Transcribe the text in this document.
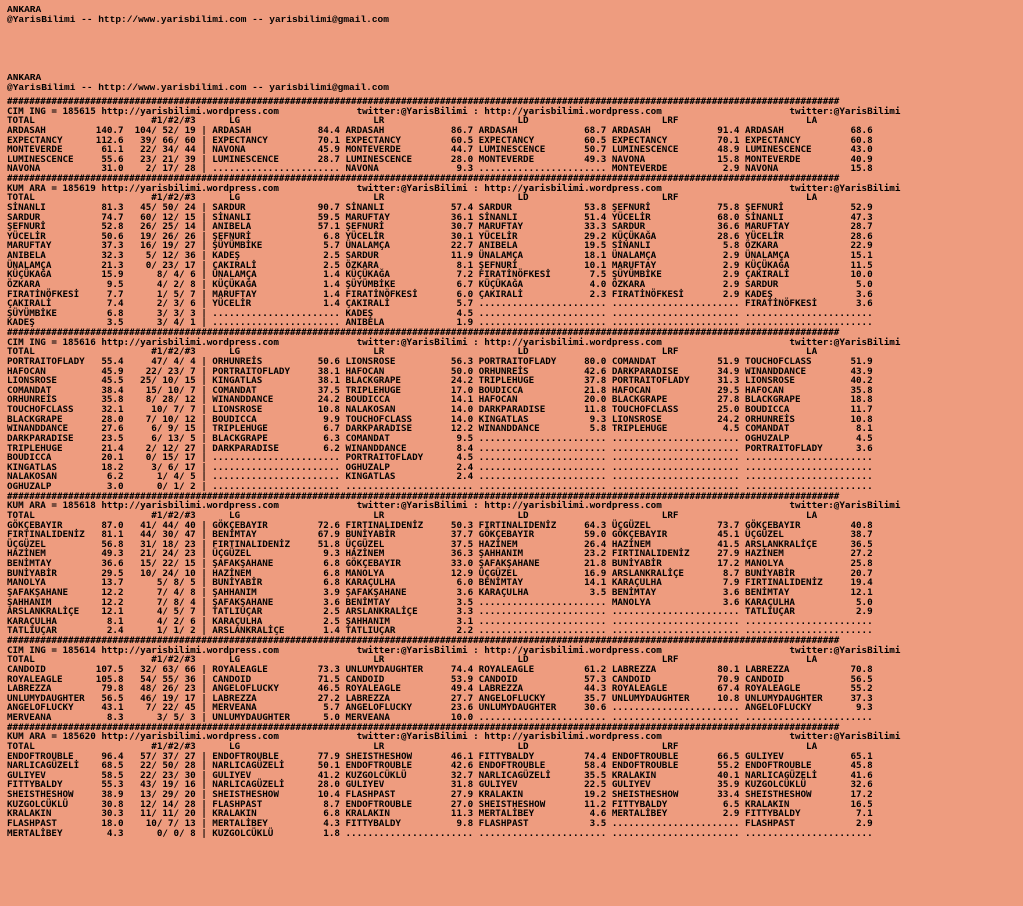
ANKARA
@YarisBilimi -- http://www.yarisbilimi.com -- yarisbilimi@gmail.com
ANKARA
@YarisBilimi -- http://www.yarisbilimi.com -- yarisbilimi@gmail.com
######################################################################################################################################################
CIM ING = 185615 http://yarisbilimi.wordpress.com              twitter:@YarisBilimi : http://yarisbilimi.wordpress.com                       twitter:@YarisBilimi
TOTAL                     #1/#2/#3      LG                        LR                        LD                        LRF                       LA
ARDASAH         140.7  104/ 52/ 19 | ARDASAH            84.4 ARDASAH            86.7 ARDASAH            68.7 ARDASAH            91.4 ARDASAH            68.6
EXPECTANCY      112.6   39/ 66/ 60 | EXPECTANCY         70.1 EXPECTANCY         60.5 EXPECTANCY         60.5 EXPECTANCY         70.1 EXPECTANCY         60.8
MONTEVERDE       61.1   22/ 34/ 44 | NAVONA             45.9 MONTEVERDE         44.7 LUMINESCENCE       50.7 LUMINESCENCE       48.9 LUMINESCENCE       43.0
LUMINESCENCE     55.6   23/ 21/ 39 | LUMINESCENCE       28.7 LUMINESCENCE       28.0 MONTEVERDE         49.3 NAVONA             15.8 MONTEVERDE         40.9
NAVONA           31.0    2/ 17/ 28 | ....................... NAVONA              9.3 ....................... MONTEVERDE          2.9 NAVONA             15.8
######################################################################################################################################################
KUM ARA = 185619 http://yarisbilimi.wordpress.com              twitter:@YarisBilimi : http://yarisbilimi.wordpress.com                       twitter:@YarisBilimi
TOTAL                     #1/#2/#3      LG                        LR                        LD                        LRF                       LA
SİNANLI          81.3   45/ 50/ 24 | SARDUR             90.7 SİNANLI            57.4 SARDUR             53.8 ŞEFNURİ            75.8 ŞEFNURİ            52.9
SARDUR           74.7   60/ 12/ 15 | SİNANLI            59.5 MARUFTAY           36.1 SİNANLI            51.4 YÜCELİR            68.0 SİNANLI            47.3
ŞEFNURİ          52.8   26/ 25/ 14 | ANIBELA            57.1 ŞEFNURİ            30.7 MARUFTAY           33.3 SARDUR             36.6 MARUFTAY           28.7
YÜCELİR          50.6   19/ 26/ 26 | ŞEFNURİ             6.8 YÜCELİR            30.1 YÜCELİR            29.2 KÜÇÜKAĞA           28.6 YÜCELİR            28.6
MARUFTAY         37.3   16/ 19/ 27 | ŞÜYÜMBİKE           5.7 ÜNALAMÇA           22.7 ANIBELA            19.5 SİNANLI             5.8 ÖZKARA             22.9
ANIBELA          32.3    5/ 12/ 36 | KADEŞ               2.5 SARDUR             11.9 ÜNALAMÇA           18.1 ÜNALAMÇA            2.9 ÜNALAMÇA           15.1
ÜNALAMÇA         21.3    0/ 23/ 17 | ÇAKIRALİ            2.5 ÖZKARA              8.1 ŞEFNURİ            10.1 MARUFTAY            2.9 KÜÇÜKAĞA           11.5
KÜÇÜKAĞA         15.9      8/ 4/ 6 | ÜNALAMÇA            1.4 KÜÇÜKAĞA            7.2 FIRATİNÖFKESİ       7.5 ŞÜYÜMBİKE           2.9 ÇAKIRALİ           10.0
ÖZKARA            9.5      4/ 2/ 8 | KÜÇÜKAĞA            1.4 ŞÜYÜMBİKE           6.7 KÜÇÜKAĞA            4.0 ÖZKARA              2.9 SARDUR              5.0
FIRATİNÖFKESİ     7.7      1/ 5/ 7 | MARUFTAY            1.4 FIRATİNÖFKESİ       6.0 ÇAKIRALİ            2.3 FIRATİNÖFKESİ       2.9 KADEŞ               3.6
ÇAKIRALİ          7.4      2/ 3/ 6 | YÜCELİR             1.4 ÇAKIRALİ            5.7 ....................... ....................... FIRATİNÖFKESİ       3.6
ŞÜYÜMBİKE         6.8      3/ 3/ 3 | ....................... KADEŞ               4.5 ....................... ....................... .......................
KADEŞ             3.5      3/ 4/ 1 | ....................... ANIBELA             1.9 ....................... ....................... .......................
######################################################################################################################################################
CIM ING = 185616 http://yarisbilimi.wordpress.com              twitter:@YarisBilimi : http://yarisbilimi.wordpress.com                       twitter:@YarisBilimi
TOTAL                     #1/#2/#3      LG                        LR                        LD                        LRF                       LA
PORTRAITOFLADY   55.4     47/ 4/ 4 | ORHUNREİS          50.6 LIONSROSE          56.3 PORTRAITOFLADY     80.0 COMANDAT           51.9 TOUCHOFCLASS       51.9
HAFOCAN          45.9    22/ 23/ 7 | PORTRAITOFLADY     38.1 HAFOCAN            50.0 ORHUNREİS          42.6 DARKPARADISE       34.9 WINANDDANCE        43.9
LIONSROSE        45.5   25/ 10/ 15 | KINGATLAS          38.1 BLACKGRAPE         24.2 TRIPLEHUGE         37.8 PORTRAITOFLADY     31.3 LIONSROSE          40.2
COMANDAT         38.4    15/ 10/ 7 | COMANDAT           37.5 TRIPLEHUGE         17.0 BOUDICCA           21.8 HAFOCAN            29.5 HAFOCAN            35.8
ORHUNREİS        35.8    8/ 28/ 12 | WINANDDANCE        24.2 BOUDICCA           14.1 HAFOCAN            20.0 BLACKGRAPE         27.8 BLACKGRAPE         18.8
TOUCHOFCLASS     32.1     10/ 7/ 7 | LIONSROSE          10.8 NALAKOSAN          14.0 DARKPARADISE       11.8 TOUCHOFCLASS       25.0 BOUDICCA           11.7
BLACKGRAPE       28.0    7/ 10/ 12 | BOUDICCA            9.9 TOUCHOFCLASS       14.0 KINGATLAS           9.3 LIONSROSE          24.2 ORHUNREİS          10.8
WINANDDANCE      27.6     6/ 9/ 15 | TRIPLEHUGE          6.7 DARKPARADISE       12.2 WINANDDANCE         5.8 TRIPLEHUGE          4.5 COMANDAT            8.1
DARKPARADISE     23.5     6/ 13/ 5 | BLACKGRAPE          6.3 COMANDAT            9.5 ....................... ....................... OGHUZALP            4.5
TRIPLEHUGE       21.4    2/ 12/ 27 | DARKPARADISE        6.2 WINANDDANCE         8.4 ....................... ....................... PORTRAITOFLADY      3.6
BOUDICCA         20.1    0/ 15/ 17 | ....................... PORTRAITOFLADY      4.5 ....................... ....................... .......................
KINGATLAS        18.2     3/ 6/ 17 | ....................... OGHUZALP            2.4 ....................... ....................... .......................
NALAKOSAN         6.2      1/ 4/ 5 | ....................... KINGATLAS           2.4 ....................... ....................... .......................
OGHUZALP          3.0      0/ 1/ 2 | ....................... ....................... ....................... ....................... .......................
######################################################################################################################################################
KUM ARA = 185618 http://yarisbilimi.wordpress.com              twitter:@YarisBilimi : http://yarisbilimi.wordpress.com                       twitter:@YarisBilimi
TOTAL                     #1/#2/#3      LG                        LR                        LD                        LRF                       LA
GÖKÇEBAYIR       87.0   41/ 44/ 40 | GÖKÇEBAYIR         72.6 FIRTINALIDENİZ     50.3 FIRTINALIDENİZ     64.3 ÜÇGÜZEL            73.7 GÖKÇEBAYIR         40.8
FIRTINALIDENİZ   81.1   44/ 30/ 47 | BENİMTAY           67.9 BUNİYABİR          37.7 GÖKÇEBAYIR         59.0 GÖKÇEBAYIR         45.1 ÜÇGÜZEL            38.7
ÜÇGÜZEL          56.8   31/ 18/ 23 | FIRTINALIDENİZ     51.8 ÜÇGÜZEL            37.5 HAZİNEM            26.4 HAZİNEM            41.5 ARSLANKRALİÇE      36.5
HAZİNEM          49.3   21/ 24/ 23 | ÜÇGÜZEL             9.3 HAZİNEM            36.3 ŞAHHANIM           23.2 FIRTINALIDENİZ     27.9 HAZİNEM            27.2
BENİMTAY         36.6   15/ 22/ 15 | ŞAFAKŞAHANE         6.8 GÖKÇEBAYIR         33.0 ŞAFAKŞAHANE        21.8 BUNİYABİR          17.2 MANOLYA            25.8
BUNİYABİR        29.5   10/ 24/ 10 | HAZİNEM             6.8 MANOLYA            12.9 ÜÇGÜZEL            16.9 ARSLANKRALİÇE       8.7 BUNİYABİR          20.7
MANOLYA          13.7      5/ 8/ 5 | BUNİYABİR           6.8 KARAÇULHA           6.0 BENİMTAY           14.1 KARAÇULHA           7.9 FIRTINALIDENİZ     19.4
ŞAFAKŞAHANE      12.2      7/ 4/ 8 | ŞAHHANIM            3.9 ŞAFAKŞAHANE         3.6 KARAÇULHA           3.5 BENİMTAY            3.6 BENİMTAY           12.1
ŞAHHANIM         12.2      7/ 8/ 4 | ŞAFAKŞAHANE         3.6 BENİMTAY            3.5 ....................... MANOLYA             3.6 KARAÇULHA           5.0
ARSLANKRALİÇE    12.1      4/ 5/ 7 | TATLIUÇAR           2.5 ARSLANKRALİÇE       3.3 ....................... ....................... TATLIUÇAR           2.9
KARAÇULHA         8.1      4/ 2/ 6 | KARAÇULHA           2.5 ŞAHHANIM            3.1 ....................... ....................... .......................
TATLIUÇAR         2.4      1/ 1/ 2 | ARSLANKRALİÇE       1.4 TATLIUÇAR           2.2 ....................... ....................... .......................
######################################################################################################################################################
CIM ING = 185614 http://yarisbilimi.wordpress.com              twitter:@YarisBilimi : http://yarisbilimi.wordpress.com                       twitter:@YarisBilimi
TOTAL                     #1/#2/#3      LG                        LR                        LD                        LRF                       LA
CANDOID         107.5   32/ 63/ 66 | ROYALEAGLE         73.3 UNLUMYDAUGHTER     74.4 ROYALEAGLE         61.2 LABREZZA           80.1 LABREZZA           70.8
ROYALEAGLE      105.8   54/ 55/ 36 | CANDOID            71.5 CANDOID            53.9 CANDOID            57.3 CANDOID            70.9 CANDOID            56.5
LABREZZA         79.8   48/ 26/ 23 | ANGELOFLUCKY       46.5 ROYALEAGLE         49.4 LABREZZA           44.3 ROYALEAGLE         67.4 ROYALEAGLE         55.2
UNLUMYDAUGHTER   56.5   46/ 19/ 17 | LABREZZA           27.2 LABREZZA           27.7 ANGELOFLUCKY       35.7 UNLUMYDAUGHTER     10.8 UNLUMYDAUGHTER     37.3
ANGELOFLUCKY     43.1    7/ 22/ 45 | MERVEANA            5.7 ANGELOFLUCKY       23.6 UNLUMYDAUGHTER     30.6 ....................... ANGELOFLUCKY        9.3
MERVEANA          8.3      3/ 5/ 3 | UNLUMYDAUGHTER      5.0 MERVEANA           10.0 ....................... ....................... .......................
######################################################################################################################################################
KUM ARA = 185620 http://yarisbilimi.wordpress.com              twitter:@YarisBilimi : http://yarisbilimi.wordpress.com                       twitter:@YarisBilimi
TOTAL                     #1/#2/#3      LG                        LR                        LD                        LRF                       LA
ENDOFTROUBLE     96.4   57/ 37/ 27 | ENDOFTROUBLE       77.9 SHEISTHESHOW       46.1 FITTYBALDY         74.4 ENDOFTROUBLE       66.5 GULIYEV            65.1
NARLICAGÜZELİ    68.5   22/ 50/ 28 | NARLICAGÜZELİ      50.1 ENDOFTROUBLE       42.6 ENDOFTROUBLE       58.4 ENDOFTROUBLE       55.2 ENDOFTROUBLE       45.8
GULIYEV          58.5   22/ 23/ 30 | GULIYEV            41.2 KUZGOLCÜKLÜ        32.7 NARLICAGÜZELİ      35.5 KRALAKIN           40.1 NARLICAGÜZELİ      41.6
FITTYBALDY       55.3   43/ 19/ 16 | NARLICAGÜZELİ      28.0 GULIYEV            31.8 GULIYEV            22.5 GULIYEV            35.9 KUZGOLCÜKLÜ        32.6
SHEISTHESHOW     38.9   13/ 29/ 20 | SHEISTHESHOW       10.4 FLASHPAST          27.9 KRALAKIN           19.2 SHEISTHESHOW       33.4 SHEISTHESHOW       17.2
KUZGOLCÜKLÜ      30.8   12/ 14/ 28 | FLASHPAST           8.7 ENDOFTROUBLE       27.0 SHEISTHESHOW       11.2 FITTYBALDY          6.5 KRALAKIN           16.5
KRALAKIN         30.3   11/ 11/ 20 | KRALAKIN            6.8 KRALAKIN           11.3 MERTALİBEY          4.6 MERTALİBEY          2.9 FITTYBALDY          7.1
FLASHPAST        18.0    10/ 7/ 13 | MERTALİBEY          4.3 FITTYBALDY          9.8 FLASHPAST           3.5 ....................... FLASHPAST           2.9
MERTALİBEY        4.3      0/ 0/ 8 | KUZGOLCÜKLÜ         1.8 ....................... ....................... ....................... .......................
